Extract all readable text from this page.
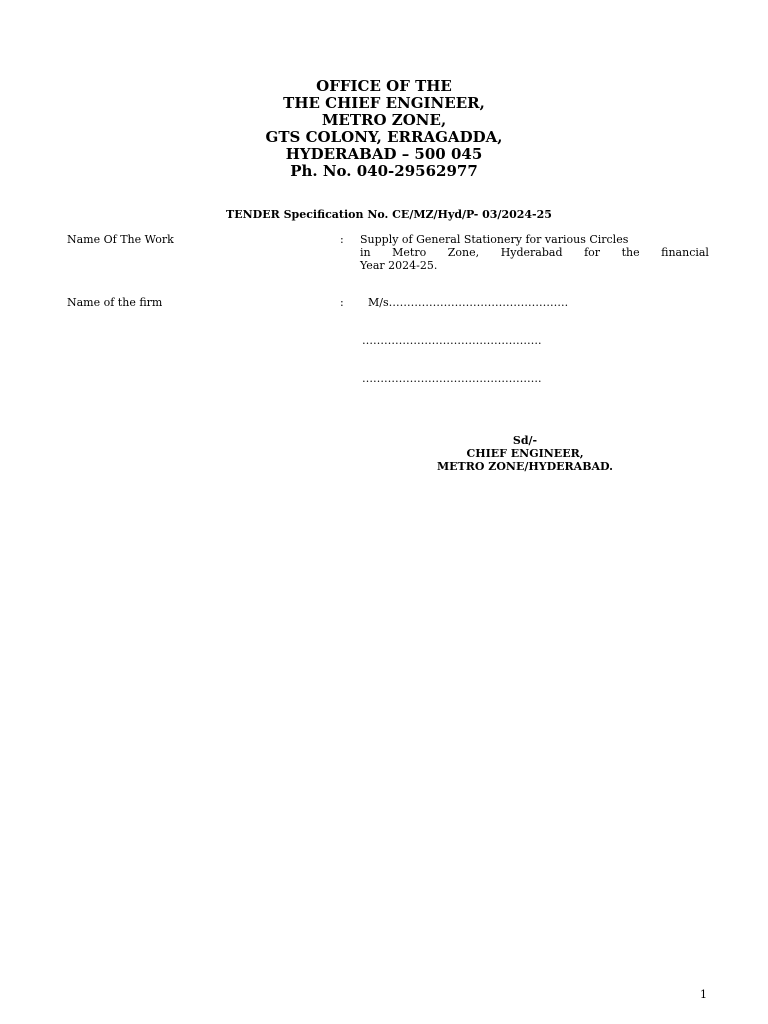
OFFICE OF THE
THE CHIEF ENGINEER,
METRO ZONE,
GTS COLONY, ERRAGADDA,
HYDERABAD – 500 045
Ph. No. 040-29562977
TENDER Specification No. CE/MZ/Hyd/P- 03/2024-25
Name Of The Work	: Supply of General Stationery for various Circles
in Metro Zone, Hyderabad for the financial
Year 2024-25.
Name of the firm	: M/s………………………………………….
………………………………………….
………………………………………….
Sd/-
CHIEF ENGINEER,
METRO ZONE/HYDERABAD.
1
